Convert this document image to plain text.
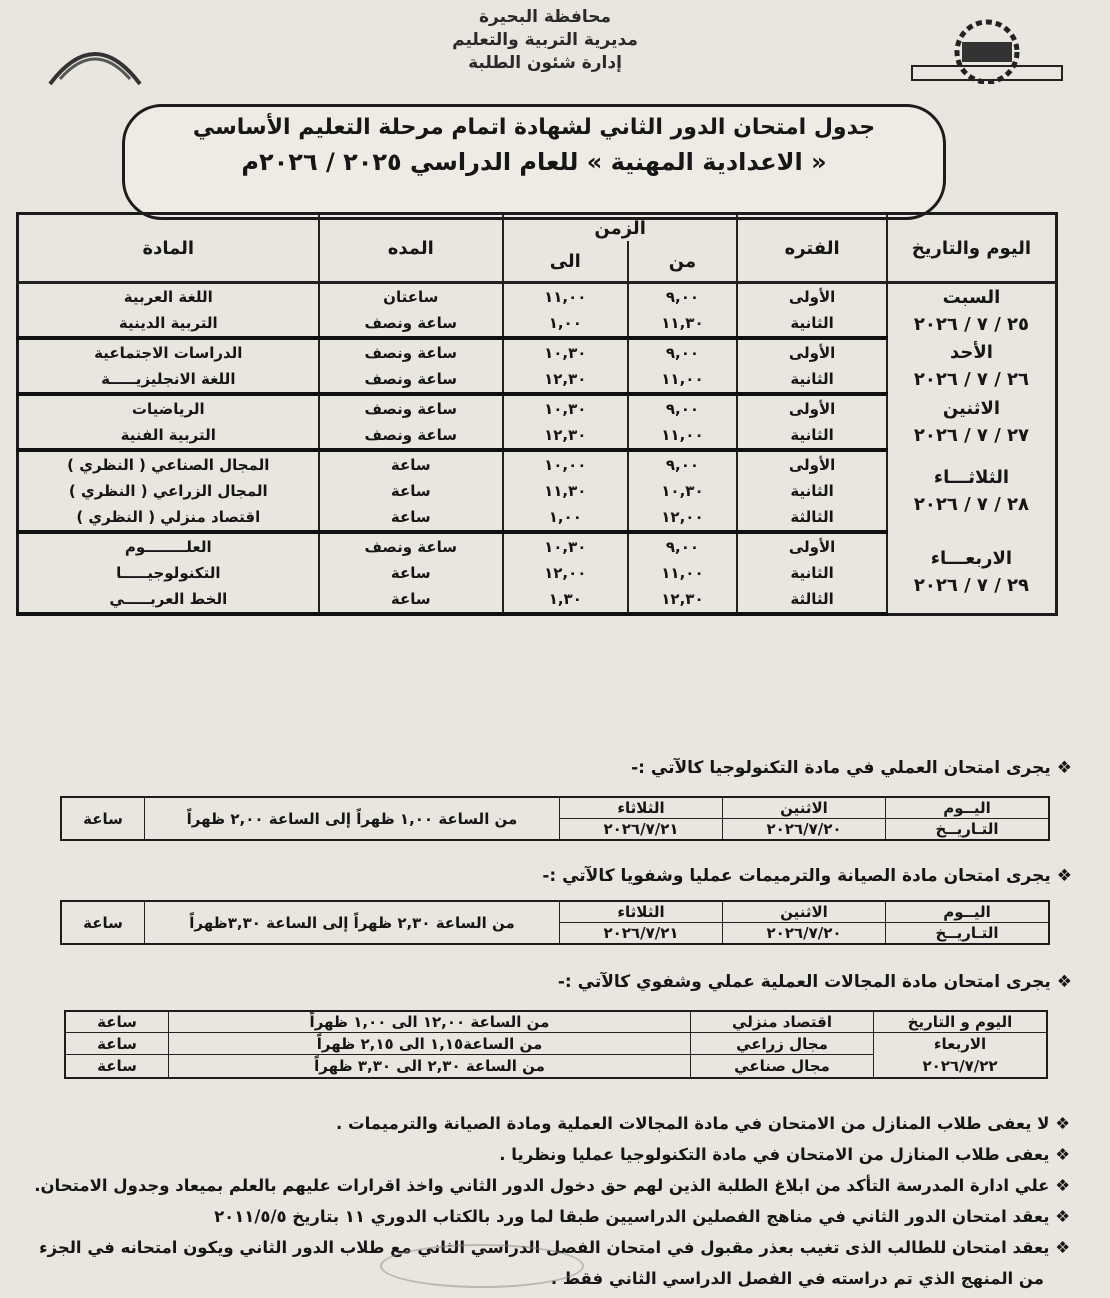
محافظة البحيرة
مديرية التربية والتعليم
إدارة شئون الطلبة
جدول امتحان الدور الثاني لشهادة اتمام مرحلة التعليم الأساسي
« الاعدادية المهنية » للعام الدراسي ٢٠٢٥ / ٢٠٢٦م
اليوم والتاريخ	الفتره	الزمن		المده	المادة
		من	الى		

السبت
٢٥ / ٧ / ٢٠٢٦	الأولى	٩,٠٠	١١,٠٠	ساعتان	اللغة العربية
	الثانية	١١,٣٠	١,٠٠	ساعة ونصف	التربية الدينية

الأحد
٢٦ / ٧ / ٢٠٢٦	الأولى	٩,٠٠	١٠,٣٠	ساعة ونصف	الدراسات الاجتماعية
	الثانية	١١,٠٠	١٢,٣٠	ساعة ونصف	اللغة الانجليزيـــــة

الاثنين
٢٧ / ٧ / ٢٠٢٦	الأولى	٩,٠٠	١٠,٣٠	ساعة ونصف	الرياضيات
	الثانية	١١,٠٠	١٢,٣٠	ساعة ونصف	التربية الفنية

الثلاثـــاء
٢٨ / ٧ / ٢٠٢٦	الأولى	٩,٠٠	١٠,٠٠	ساعة	المجال الصناعي ( النظري )
	الثانية	١٠,٣٠	١١,٣٠	ساعة	المجال الزراعي ( النظري )
	الثالثة	١٢,٠٠	١,٠٠	ساعة	اقتصاد منزلي ( النظري )

الاربعـــاء
٢٩ / ٧ / ٢٠٢٦	الأولى	٩,٠٠	١٠,٣٠	ساعة ونصف	العلــــــــوم
	الثانية	١١,٠٠	١٢,٠٠	ساعة	التكنولوجيـــــا
	الثالثة	١٢,٣٠	١,٣٠	ساعة	الخط العربـــــي
❖يجرى امتحان العملي في مادة التكنولوجيا كالآتي :-
اليــوم	الاثنين	الثلاثاء	من الساعة ١,٠٠ ظهراً إلى الساعة ٢,٠٠ ظهراً	ساعة
التـاريــخ	٢٠٢٦/٧/٢٠	٢٠٢٦/٧/٢١		
❖يجرى امتحان مادة الصيانة والترميمات عمليا وشفويا كالآتي :-
اليــوم	الاثنين	الثلاثاء	من الساعة ٢,٣٠ ظهراً إلى الساعة ٣,٣٠ظهراً	ساعة
التـاريــخ	٢٠٢٦/٧/٢٠	٢٠٢٦/٧/٢١		
❖يجرى امتحان مادة المجالات العملية عملي وشفوي كالآتي :-
اليوم و التاريخ	اقتصاد منزلي	من الساعة ١٢,٠٠ الى ١,٠٠ ظهراً	ساعة

الاربعاء
٢٠٢٦/٧/٢٢	مجال زراعي	من الساعة١,١٥ الى ٢,١٥ ظهراً	ساعة
	مجال صناعي	من الساعة ٢,٣٠ الى ٣,٣٠ ظهراً	ساعة
❖ لا يعفى طلاب المنازل من الامتحان في مادة المجالات العملية ومادة الصيانة والترميمات .
❖ يعفى طلاب المنازل من الامتحان في مادة التكنولوجيا عمليا ونظريا .
❖ علي ادارة المدرسة التأكد من ابلاغ الطلبة الذين لهم حق دخول الدور الثاني واخذ اقرارات عليهم بالعلم بميعاد وجدول الامتحان.
❖ يعقد امتحان الدور الثاني في مناهج الفصلين الدراسيين طبقا لما ورد بالكتاب الدوري ١١ بتاريخ ٢٠١١/٥/٥
❖ يعقد امتحان للطالب الذى تغيب بعذر مقبول في امتحان الفصل الدراسي الثاني مع طلاب الدور الثاني ويكون امتحانه في الجزء
من المنهج الذي تم دراسته في الفصل الدراسي الثاني فقط .
